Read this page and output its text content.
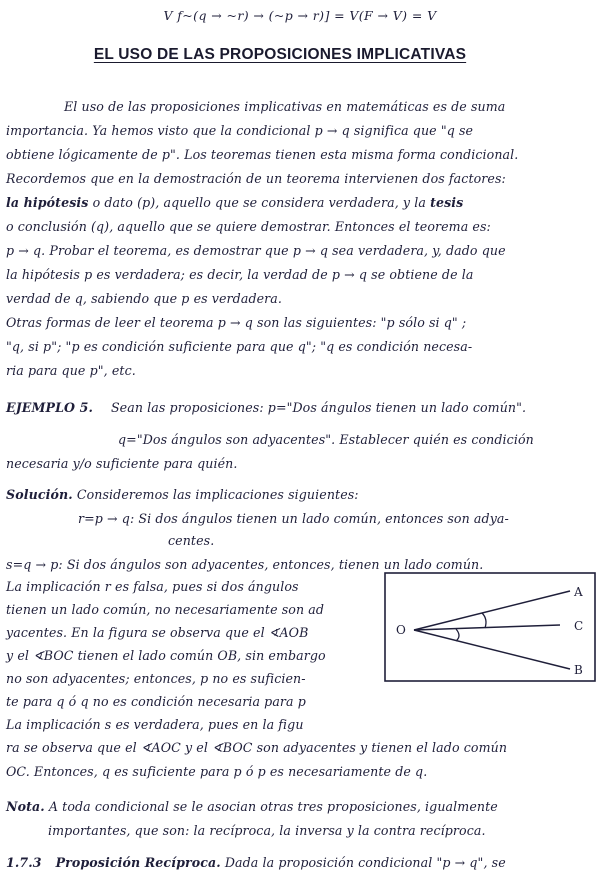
V f~(q → ~r) → (~p → r)] = V(F → V) = V
EL USO DE LAS PROPOSICIONES IMPLICATIVAS
El uso de las proposiciones implicativas en matemáticas es de suma
importancia. Ya hemos visto que la condicional p → q significa que "q se
obtiene lógicamente de p". Los teoremas tienen esta misma forma condicional.
Recordemos que en la demostración de un teorema intervienen dos factores:
la hipótesis o dato (p), aquello que se considera verdadera, y la tesis
o conclusión (q), aquello que se quiere demostrar. Entonces el teorema es:
p → q. Probar el teorema, es demostrar que p → q sea verdadera, y, dado que
la hipótesis p es verdadera; es decir, la verdad de p → q se obtiene de la
verdad de q, sabiendo que p es verdadera.
Otras formas de leer el teorema p → q son las siguientes: "p sólo si q" ;
"q, si p"; "p es condición suficiente para que q"; "q es condición necesa-
ria para que p", etc.
EJEMPLO 5. Sean las proposiciones: p="Dos ángulos tienen un lado común".
q="Dos ángulos son adyacentes". Establecer quién es condición
necesaria y/o suficiente para quién.
Solución. Consideremos las implicaciones siguientes:
r=p → q: Si dos ángulos tienen un lado común, entonces son adya-
centes.
s=q → p: Si dos ángulos son adyacentes, entonces, tienen un lado común.
La implicación r es falsa, pues si dos ángulos
tienen un lado común, no necesariamente son ad
yacentes. En la figura se observa que el ∢AOB
y el ∢BOC tienen el lado común OB, sin embargo
no son adyacentes; entonces, p no es suficien-
te para q ó q no es condición necesaria para p
La implicación s es verdadera, pues en la figu
ra se observa que el ∢AOC y el ∢BOC son adyacentes y tienen el lado común
OC. Entonces, q es suficiente para p ó p es necesariamente de q.
O
A
C
B
Nota. A toda condicional se le asocian otras tres proposiciones, igualmente
importantes, que son: la recíproca, la inversa y la contra recíproca.
1.7.3 Proposición Recíproca. Dada la proposición condicional "p → q", se
